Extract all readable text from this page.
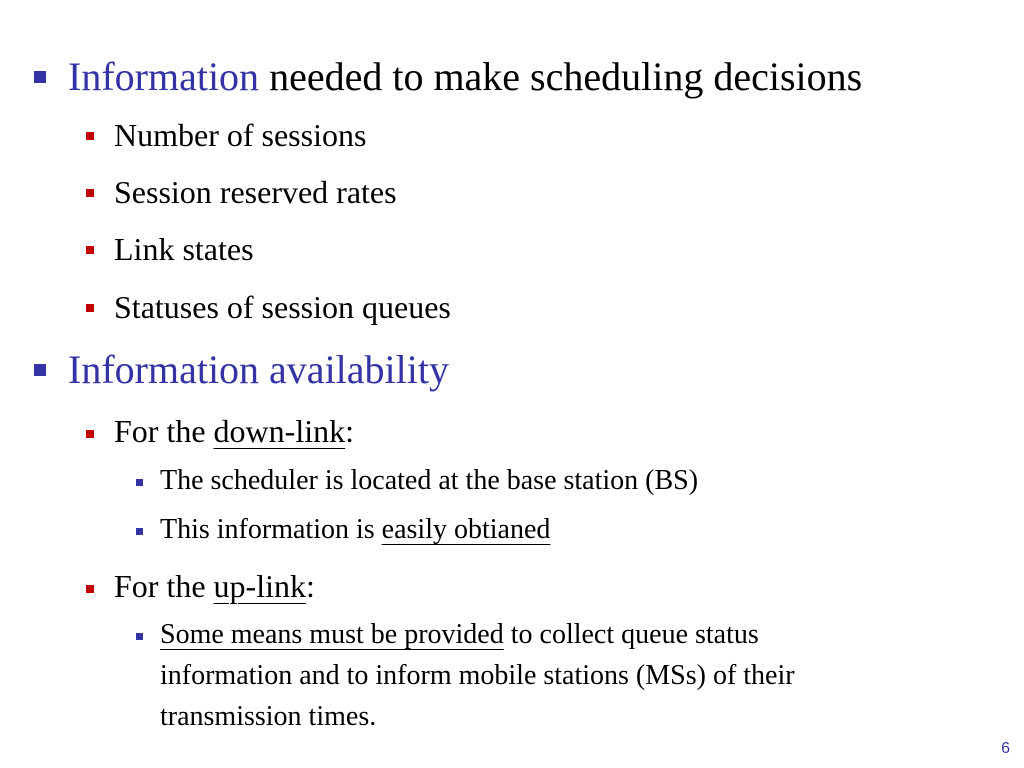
Information needed to make scheduling decisions
Number of sessions
Session reserved rates
Link states
Statuses of session queues
Information availability
For the down-link:
The scheduler is located at the base station (BS)
This information is easily obtianed
For the up-link:
Some means must be provided to collect queue status
information and to inform mobile stations (MSs) of their
transmission times.
6
